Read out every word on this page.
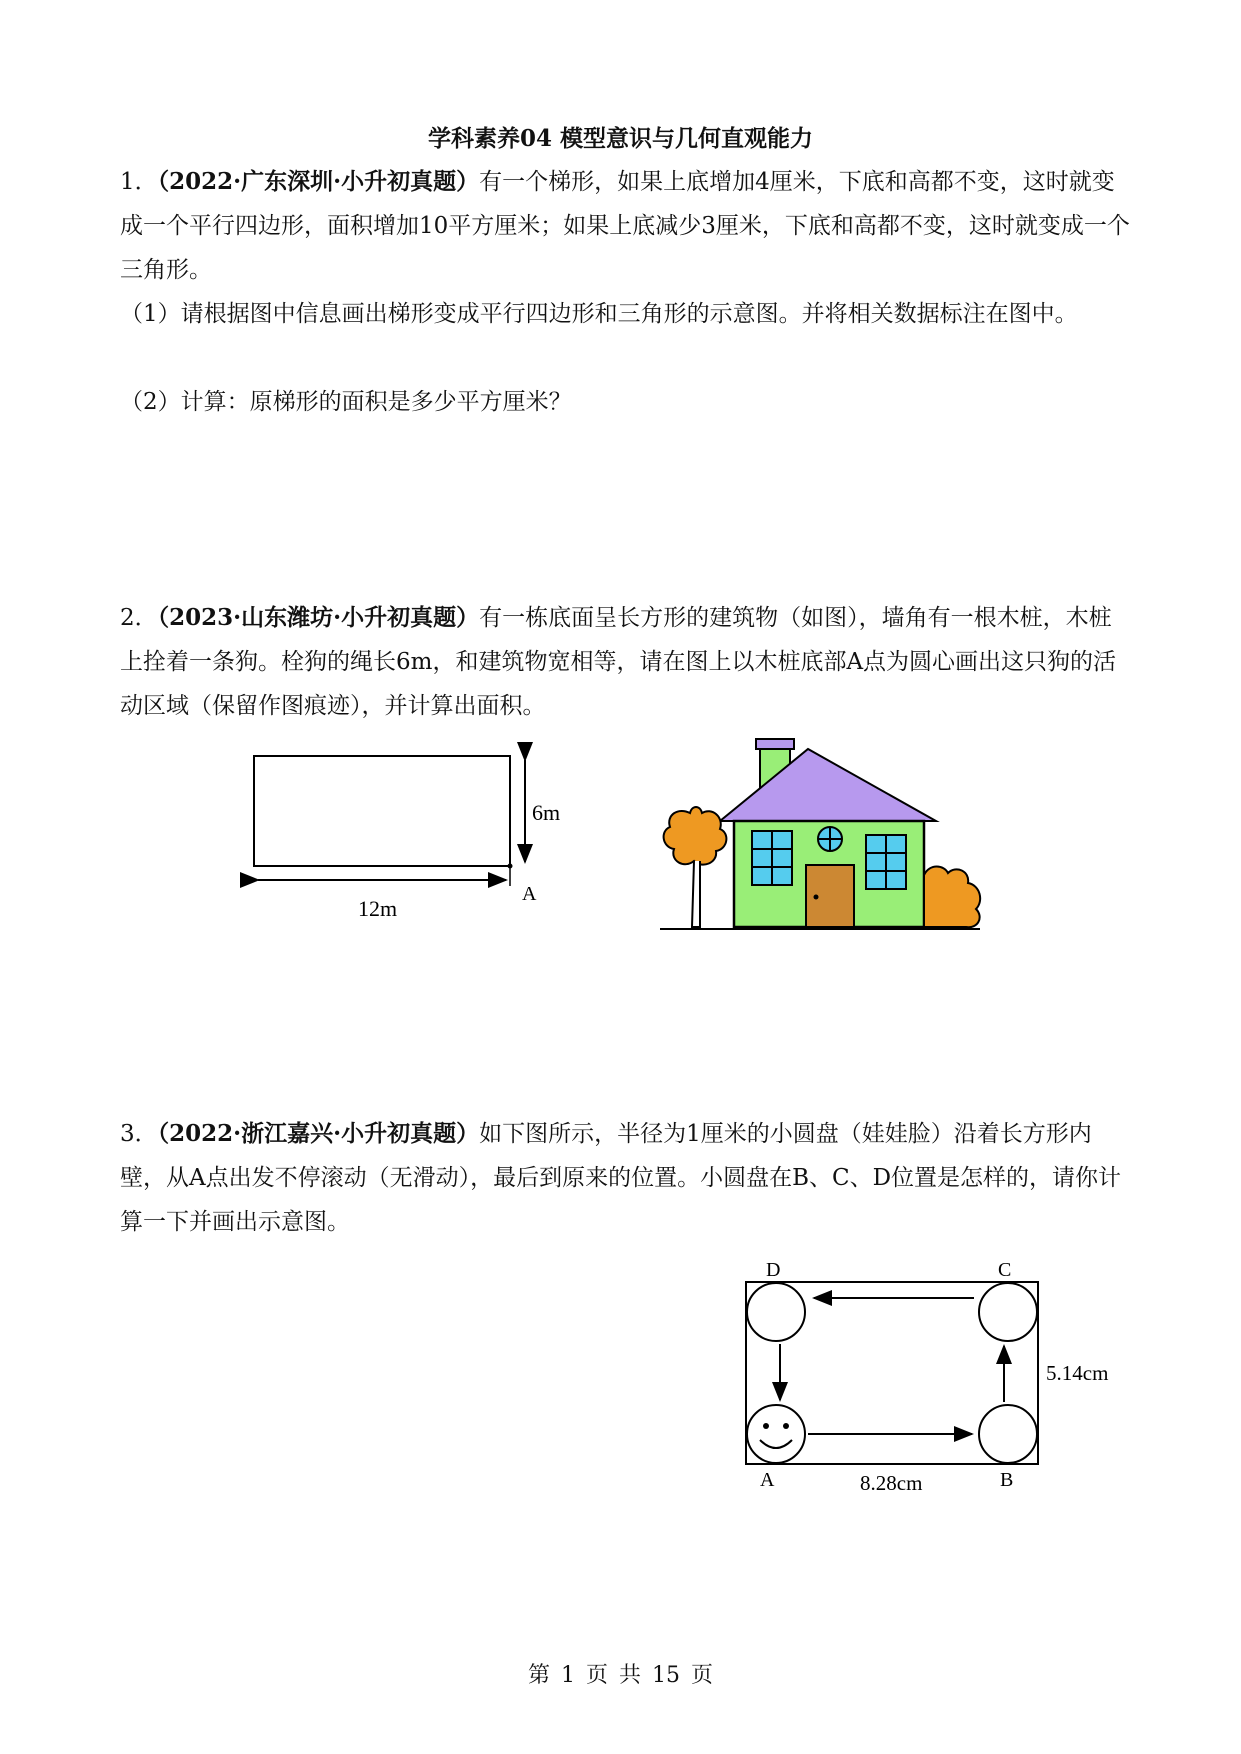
学科素养04 模型意识与几何直观能力
1．（2022·广东深圳·小升初真题）有一个梯形，如果上底增加4厘米，下底和高都不变，这时就变成一个平行四边形，面积增加10平方厘米；如果上底减少3厘米，下底和高都不变，这时就变成一个三角形。
（1）请根据图中信息画出梯形变成平行四边形和三角形的示意图。并将相关数据标注在图中。
（2）计算：原梯形的面积是多少平方厘米？
2．（2023·山东潍坊·小升初真题）有一栋底面呈长方形的建筑物（如图），墙角有一根木桩，木桩上拴着一条狗。栓狗的绳长6m，和建筑物宽相等，请在图上以木桩底部A点为圆心画出这只狗的活动区域（保留作图痕迹），并计算出面积。
6m
12m
A
3．（2022·浙江嘉兴·小升初真题）如下图所示，半径为1厘米的小圆盘（娃娃脸）沿着长方形内壁，从A点出发不停滚动（无滑动），最后到原来的位置。小圆盘在B、C、D位置是怎样的，请你计算一下并画出示意图。
D	C
A	B
5.14cm
8.28cm
第 1 页 共 15 页
